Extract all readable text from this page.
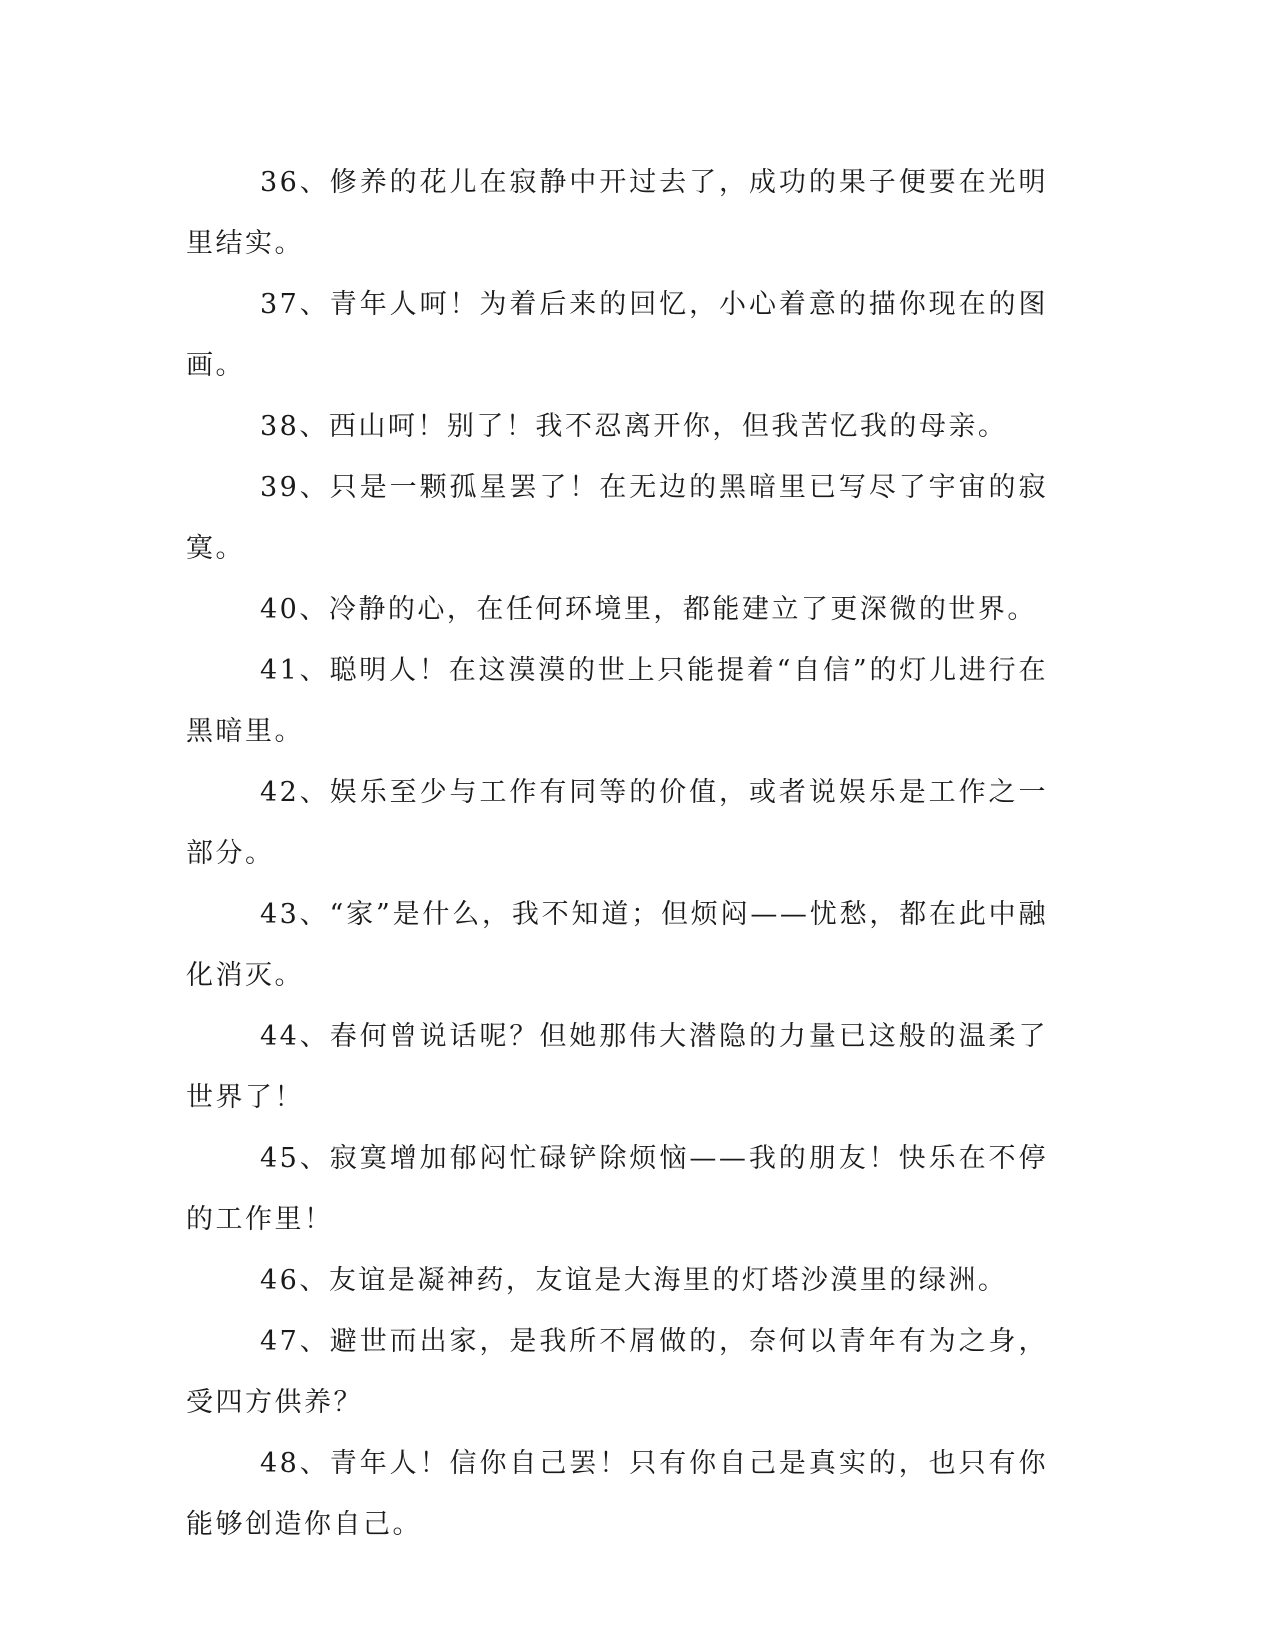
36、修养的花儿在寂静中开过去了，成功的果子便要在光明里结实。

37、青年人呵！为着后来的回忆，小心着意的描你现在的图画。

38、西山呵！别了！我不忍离开你，但我苦忆我的母亲。

39、只是一颗孤星罢了！在无边的黑暗里已写尽了宇宙的寂寞。

40、冷静的心，在任何环境里，都能建立了更深微的世界。

41、聪明人！在这漠漠的世上只能提着“自信”的灯儿进行在黑暗里。

42、娱乐至少与工作有同等的价值，或者说娱乐是工作之一部分。

43、“家”是什么，我不知道；但烦闷——忧愁，都在此中融化消灭。

44、春何曾说话呢？但她那伟大潜隐的力量已这般的温柔了世界了！

45、寂寞增加郁闷忙碌铲除烦恼——我的朋友！快乐在不停的工作里！

46、友谊是凝神药，友谊是大海里的灯塔沙漠里的绿洲。

47、避世而出家，是我所不屑做的，奈何以青年有为之身，受四方供养？

48、青年人！信你自己罢！只有你自己是真实的，也只有你能够创造你自己。
